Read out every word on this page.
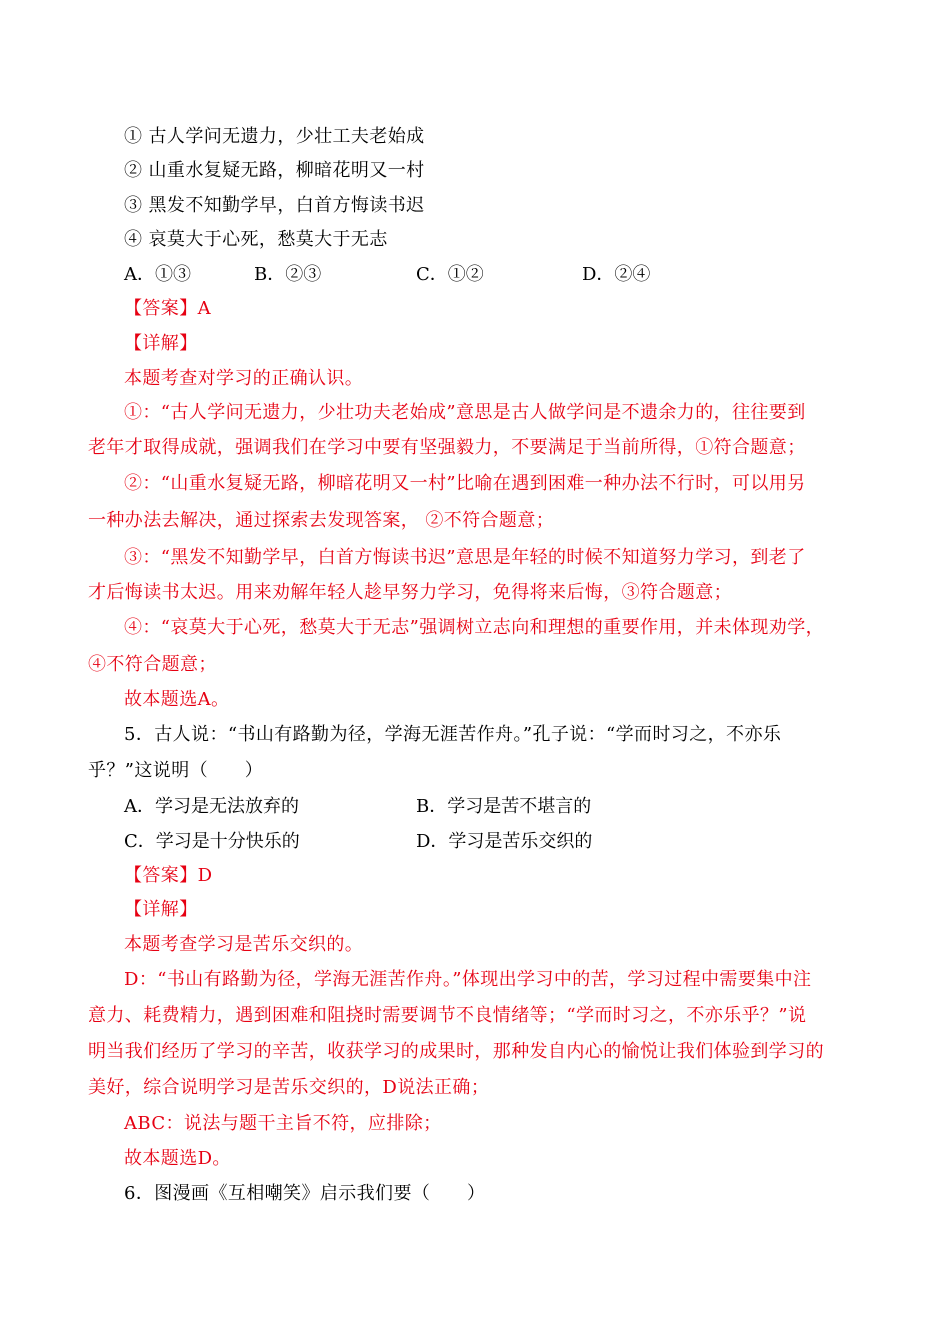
① 古人学问无遗力，少壮工夫老始成
② 山重水复疑无路，柳暗花明又一村
③ 黑发不知勤学早，白首方悔读书迟
④ 哀莫大于心死，愁莫大于无志
A．①③	B．②③	C．①②	D．②④
【答案】A
【详解】
本题考查对学习的正确认识。
①：“古人学问无遗力，少壮功夫老始成”意思是古人做学问是不遗余力的，往往要到
老年才取得成就，强调我们在学习中要有坚强毅力，不要满足于当前所得，①符合题意；
②：“山重水复疑无路，柳暗花明又一村”比喻在遇到困难一种办法不行时，可以用另
一种办法去解决，通过探索去发现答案， ②不符合题意；
③：“黑发不知勤学早，白首方悔读书迟”意思是年轻的时候不知道努力学习，到老了
才后悔读书太迟。用来劝解年轻人趁早努力学习，免得将来后悔，③符合题意；
④：“哀莫大于心死，愁莫大于无志”强调树立志向和理想的重要作用，并未体现劝学，
④不符合题意；
故本题选A。
5．古人说：“书山有路勤为径，学海无涯苦作舟。”孔子说：“学而时习之，不亦乐
乎？”这说明（　　）
A．学习是无法放弃的	B．学习是苦不堪言的
C．学习是十分快乐的	D．学习是苦乐交织的
【答案】D
【详解】
本题考查学习是苦乐交织的。
D：“书山有路勤为径，学海无涯苦作舟。”体现出学习中的苦，学习过程中需要集中注
意力、耗费精力，遇到困难和阻挠时需要调节不良情绪等；“学而时习之，不亦乐乎？”说
明当我们经历了学习的辛苦，收获学习的成果时，那种发自内心的愉悦让我们体验到学习的
美好，综合说明学习是苦乐交织的，D说法正确；
ABC：说法与题干主旨不符，应排除；
故本题选D。
6．图漫画《互相嘲笑》启示我们要（　　）
